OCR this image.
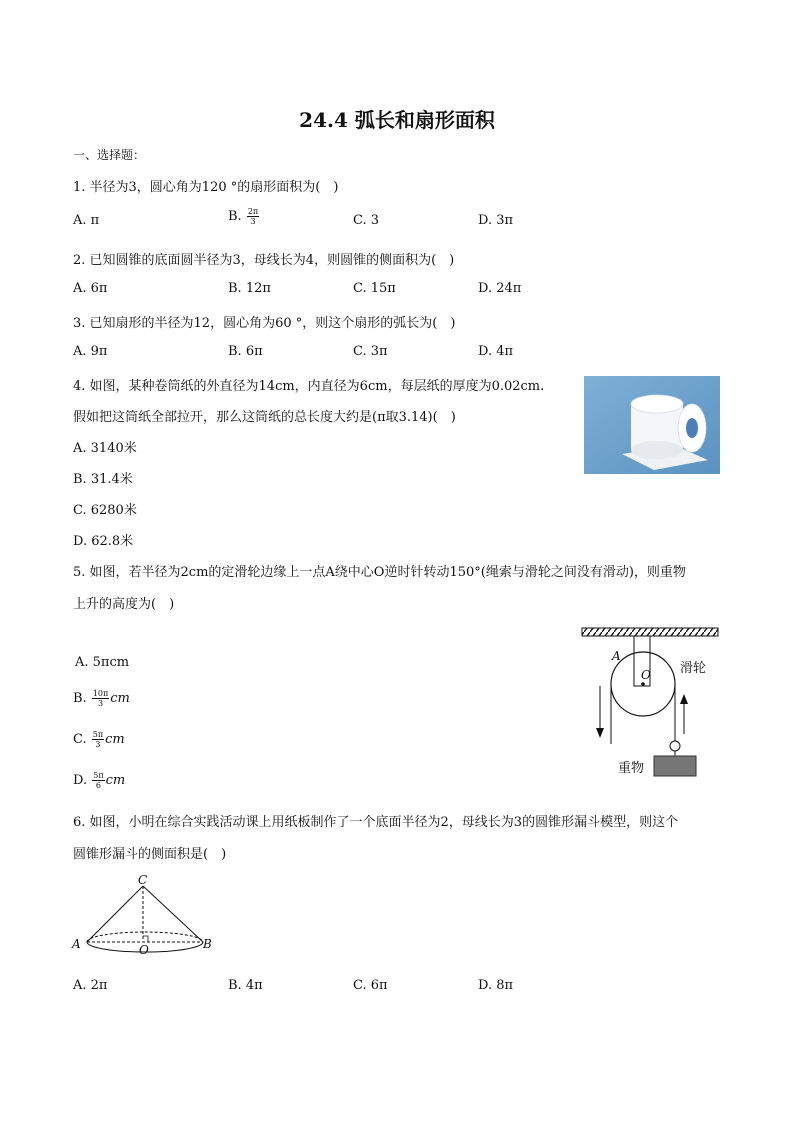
24.4 弧长和扇形面积
一、选择题：
1. 半径为3，圆心角为120 °的扇形面积为(　)
A. π	B. $\frac{2\pi}{3}$	C. 3	D. 3π
2. 已知圆锥的底面圆半径为3，母线长为4，则圆锥的侧面积为(　)
A. 6π	B. 12π	C. 15π	D. 24π
3. 已知扇形的半径为12，圆心角为60 °，则这个扇形的弧长为(　)
A. 9π	B. 6π	C. 3π	D. 4π
4. 如图，某种卷筒纸的外直径为14cm，内直径为6cm，每层纸的厚度为0.02cm.
假如把这筒纸全部拉开，那么这筒纸的总长度大约是(π取3.14)(　)
A. 3140米
B. 31.4米
C. 6280米
D. 62.8米
5. 如图，若半径为2cm的定滑轮边缘上一点A绕中心O逆时针转动150°(绳索与滑轮之间没有滑动)，则重物
上升的高度为(　)
A. 5πcm
B. $\frac{10\pi}{3}$ cm
C. $\frac{5\pi}{3}$ cm
D. $\frac{5\pi}{6}$ cm
A
O 滑轮
重物
6. 如图，小明在综合实践活动课上用纸板制作了一个底面半径为2，母线长为3的圆锥形漏斗模型，则这个
圆锥形漏斗的侧面积是(　)
C
A	B
O
A. 2π	B. 4π	C. 6π	D. 8π
